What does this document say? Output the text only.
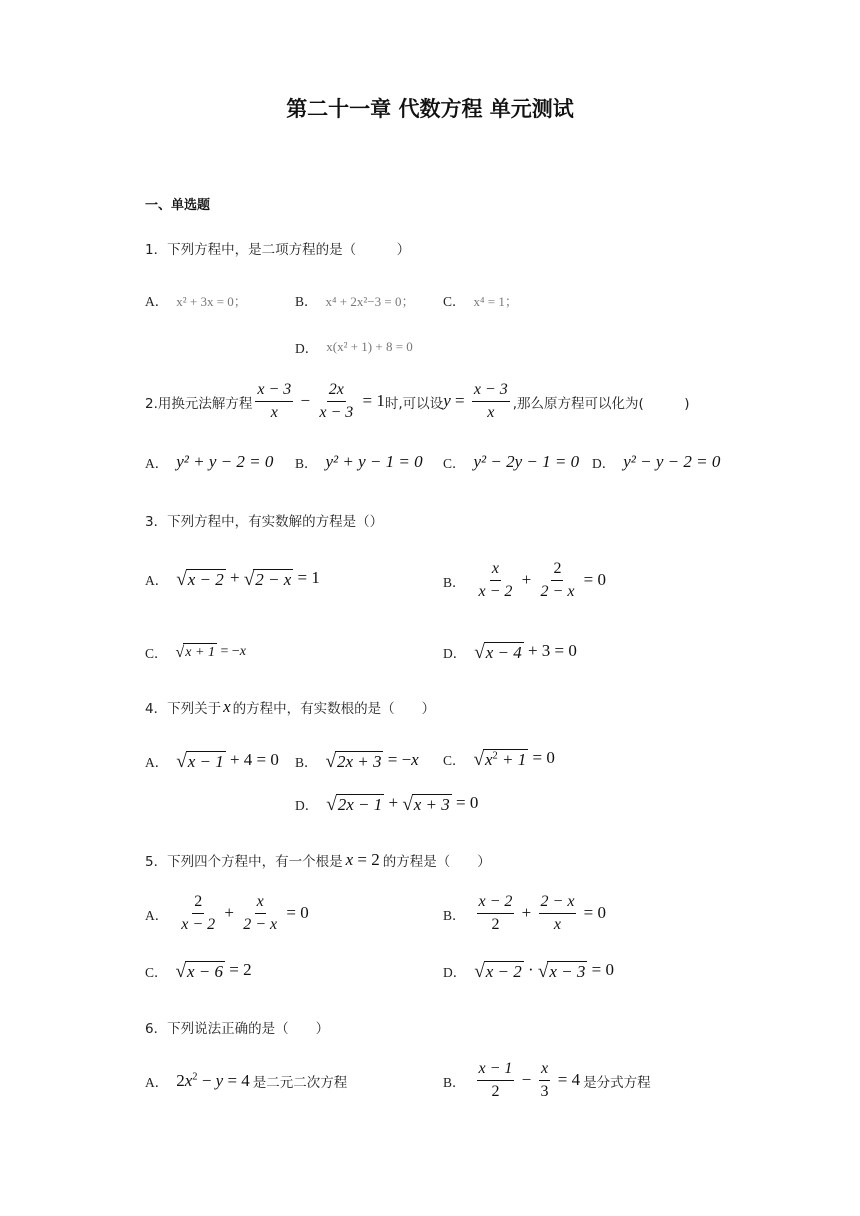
第二十一章 代数方程 单元测试
一、单选题
1．下列方程中，是二项方程的是（　　　）
A． x² + 3x = 0；	B． x⁴ + 2x²−3 = 0； C． x⁴ = 1；
D． x(x² + 1) + 8 = 0
2.用换元法解方程 $\frac{x - 3}{x} - \frac{2x}{x - 3} = 1$ 时,可以设 $y = \frac{x - 3}{x}$ ,那么原方程可以化为(　　　)
A． y² + y − 2 = 0 B． y² + y − 1 = 0 C． y² − 2y − 1 = 0 D． y² − y − 2 = 0
3．下列方程中，有实数解的方程是（）
A． √ x − 2 + √ 2 − x = 1	B． $\frac{x}{x - 2} + \frac{2}{2 - x} = 0$
C． √ x + 1 = −x	D． √ x − 4 + 3 = 0
4．下列关于 x 的方程中，有实数根的是（　　）
A． √ x − 1 + 4 = 0 B． √ 2x + 3 = −x C． √ $x^2 + 1 = 0$
D． √ 2x − 1 + √ x + 3 = 0
5．下列四个方程中，有一个根是 x = 2 的方程是（　　）
A． $\frac{2}{x - 2} + \frac{x}{2 - x} = 0$	B． $\frac{x - 2}{2} + \frac{2 - x}{x} = 0$
C． √ x − 6 = 2	D． √ x − 2 · √ x − 3 = 0
6．下列说法正确的是（　　）
A． $2x^2 - y = 4$ 是二元二次方程	B． $\frac{x - 1}{2} - \frac{x}{3} = 4$ 是分式方程
